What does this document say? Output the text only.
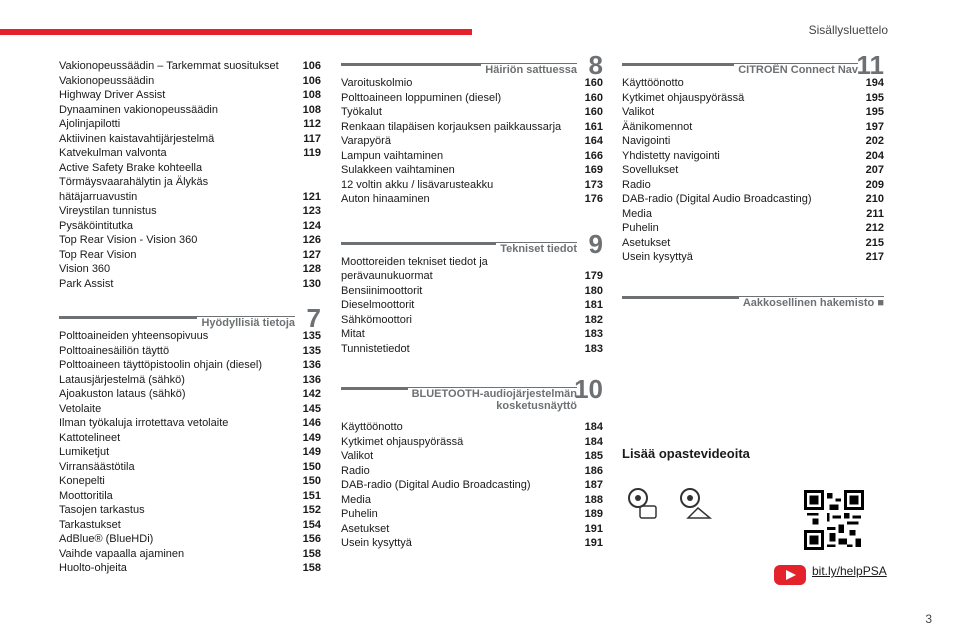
Sisällysluettelo
Vakionopeussäädin – Tarkemmat suositukset	106
Vakionopeussäädin	106
Highway Driver Assist	108
Dynaaminen vakionopeussäädin	108
Ajolinjapilotti	112
Aktiivinen kaistavahtijärjestelmä	117
Katvekulman valvonta	119
Active Safety Brake kohteella
Törmäysvaarahälytin ja Älykäs
hätäjarruavustin	121
Vireystilan tunnistus	123
Pysäköintitutka	124
Top Rear Vision - Vision 360	126
Top Rear Vision	127
Vision 360	128
Park Assist	130
Hyödyllisiä tietoja 7
Polttoaineiden yhteensopivuus	135
Polttoainesäiliön täyttö	135
Polttoaineen täyttöpistoolin ohjain (diesel)	136
Latausjärjestelmä (sähkö)	136
Ajoakuston lataus (sähkö)	142
Vetolaite	145
Ilman työkaluja irrotettava vetolaite	146
Kattotelineet	149
Lumiketjut	149
Virransäästötila	150
Konepelti	150
Moottoritila	151
Tasojen tarkastus	152
Tarkastukset	154
AdBlue® (BlueHDi)	156
Vaihde vapaalla ajaminen	158
Huolto-ohjeita	158
Häiriön sattuessa 8
Varoituskolmio	160
Polttoaineen loppuminen (diesel)	160
Työkalut	160
Renkaan tilapäisen korjauksen paikkaussarja	161
Varapyörä	164
Lampun vaihtaminen	166
Sulakkeen vaihtaminen	169
12 voltin akku / lisävarusteakku	173
Auton hinaaminen	176
Tekniset tiedot 9
Moottoreiden tekniset tiedot ja
perävaunukuormat	179
Bensiinimoottorit	180
Dieselmoottorit	181
Sähkömoottori	182
Mitat	183
Tunnistetiedot	183
BLUETOOTH-audiojärjestelmän
kosketusnäyttö
10
Käyttöönotto	184
Kytkimet ohjauspyörässä	184
Valikot	185
Radio	186
DAB-radio (Digital Audio Broadcasting)	187
Media	188
Puhelin	189
Asetukset	191
Usein kysyttyä	191
CITROËN Connect Nav
11
Käyttöönotto	194
Kytkimet ohjauspyörässä	195
Valikot	195
Äänikomennot	197
Navigointi	202
Yhdistetty navigointi	204
Sovellukset	207
Radio	209
DAB-radio (Digital Audio Broadcasting)	210
Media	211
Puhelin	212
Asetukset	215
Usein kysyttyä	217
Aakkosellinen hakemisto ■
Lisää opastevideoita
bit.ly/helpPSA
3
